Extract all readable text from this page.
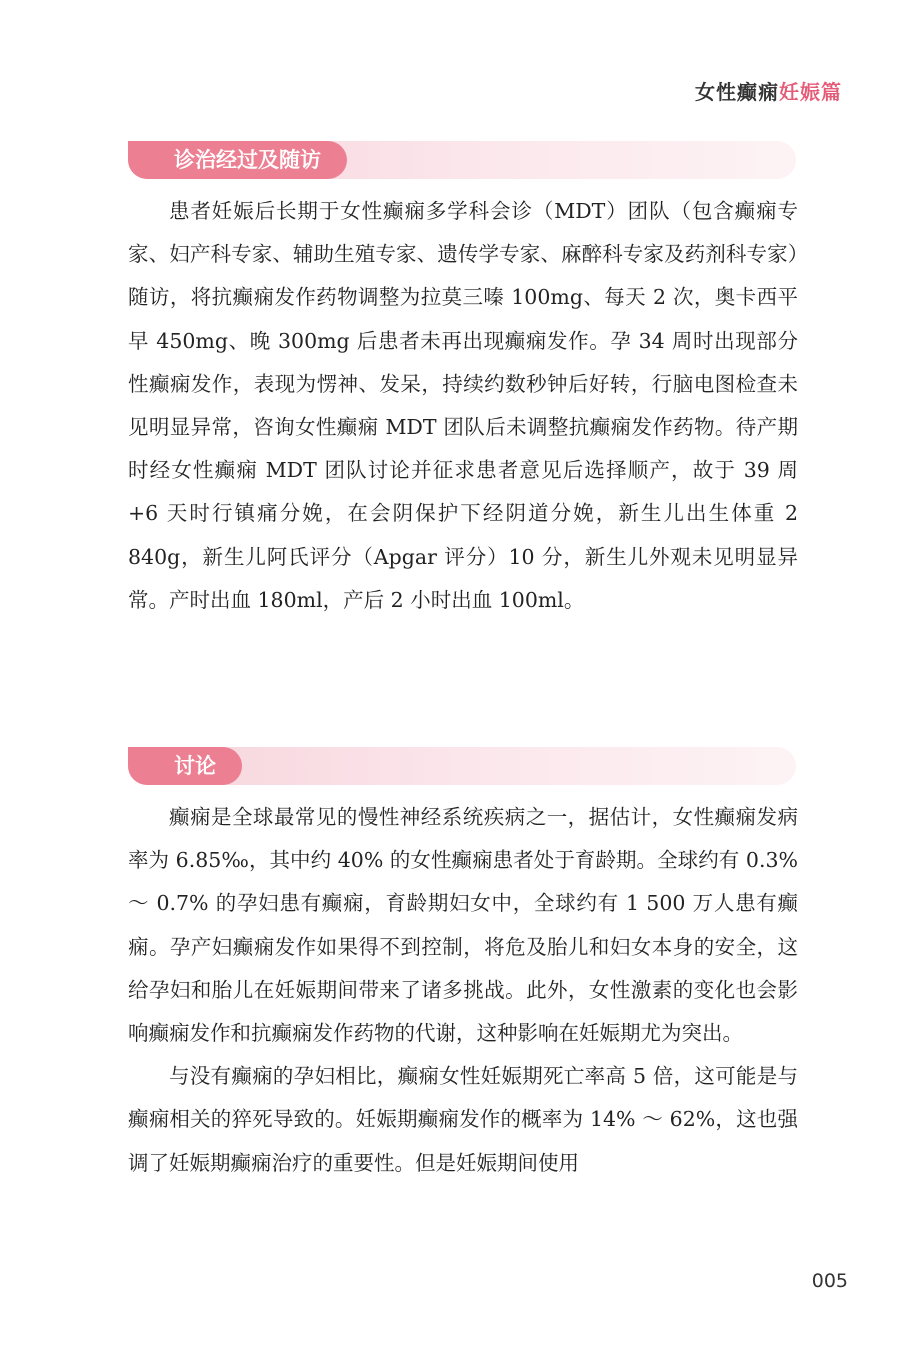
女性癫痫妊娠篇
诊治经过及随访

患者妊娠后长期于女性癫痫多学科会诊（MDT）团队（包含癫痫专家、妇产科专家、辅助生殖专家、遗传学专家、麻醉科专家及药剂科专家）随访，将抗癫痫发作药物调整为拉莫三嗪 100mg、每天 2 次，奥卡西平早 450mg、晚 300mg 后患者未再出现癫痫发作。孕 34 周时出现部分性癫痫发作，表现为愣神、发呆，持续约数秒钟后好转，行脑电图检查未见明显异常，咨询女性癫痫 MDT 团队后未调整抗癫痫发作药物。待产期时经女性癫痫 MDT 团队讨论并征求患者意见后选择顺产，故于 39 周 +6 天时行镇痛分娩，在会阴保护下经阴道分娩，新生儿出生体重 2 840g，新生儿阿氏评分（Apgar 评分）10 分，新生儿外观未见明显异常。产时出血 180ml，产后 2 小时出血 100ml。

讨论

癫痫是全球最常见的慢性神经系统疾病之一，据估计，女性癫痫发病率为 6.85‰，其中约 40% 的女性癫痫患者处于育龄期。全球约有 0.3% ～ 0.7% 的孕妇患有癫痫，育龄期妇女中，全球约有 1 500 万人患有癫痫。孕产妇癫痫发作如果得不到控制，将危及胎儿和妇女本身的安全，这给孕妇和胎儿在妊娠期间带来了诸多挑战。此外，女性激素的变化也会影响癫痫发作和抗癫痫发作药物的代谢，这种影响在妊娠期尤为突出。

与没有癫痫的孕妇相比，癫痫女性妊娠期死亡率高 5 倍，这可能是与癫痫相关的猝死导致的。妊娠期癫痫发作的概率为 14% ～ 62%，这也强调了妊娠期癫痫治疗的重要性。但是妊娠期间使用

005
